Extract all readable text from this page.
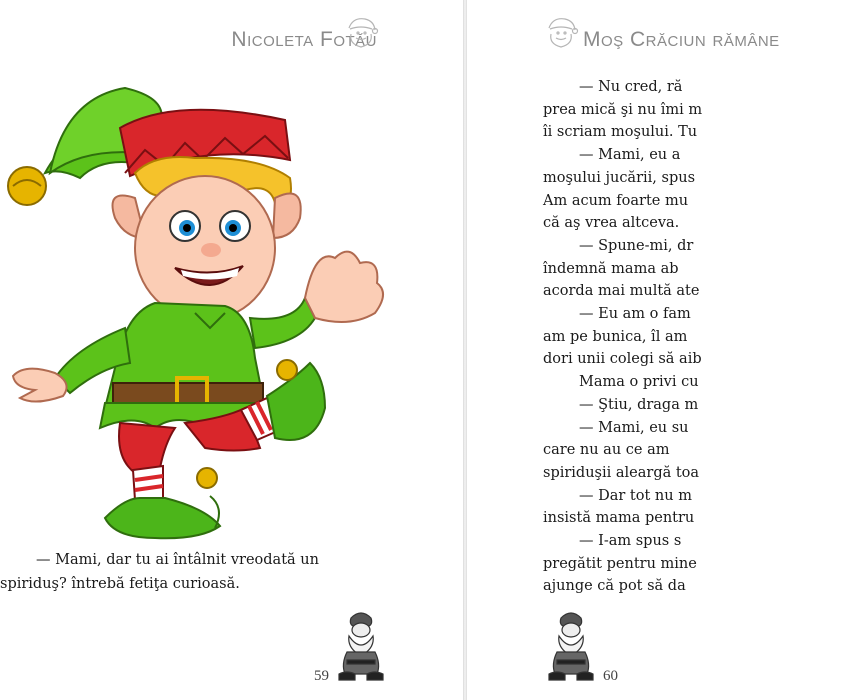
Nicoleta Fotău

— Mami, dar tu ai întâlnit vreodată un

spiriduş? întrebă fetiţa curioasă.

59
Moş Crăciun rămâne

— Nu cred, ră

prea mică şi nu îmi m

îi scriam moşului. Tu

— Mami, eu a

moşului jucării, spus

Am acum foarte mu

că aş vrea altceva.

— Spune-mi, dr

îndemnă mama ab

acorda mai multă ate

— Eu am o fam

am pe bunica, îl am

dori unii colegi să aib

Mama o privi cu

— Ştiu, draga m

— Mami, eu su

care nu au ce am

spiriduşii aleargă toa

— Dar tot nu m

insistă mama pentru

— I-am spus s

pregătit pentru mine

ajunge că pot să da

60
